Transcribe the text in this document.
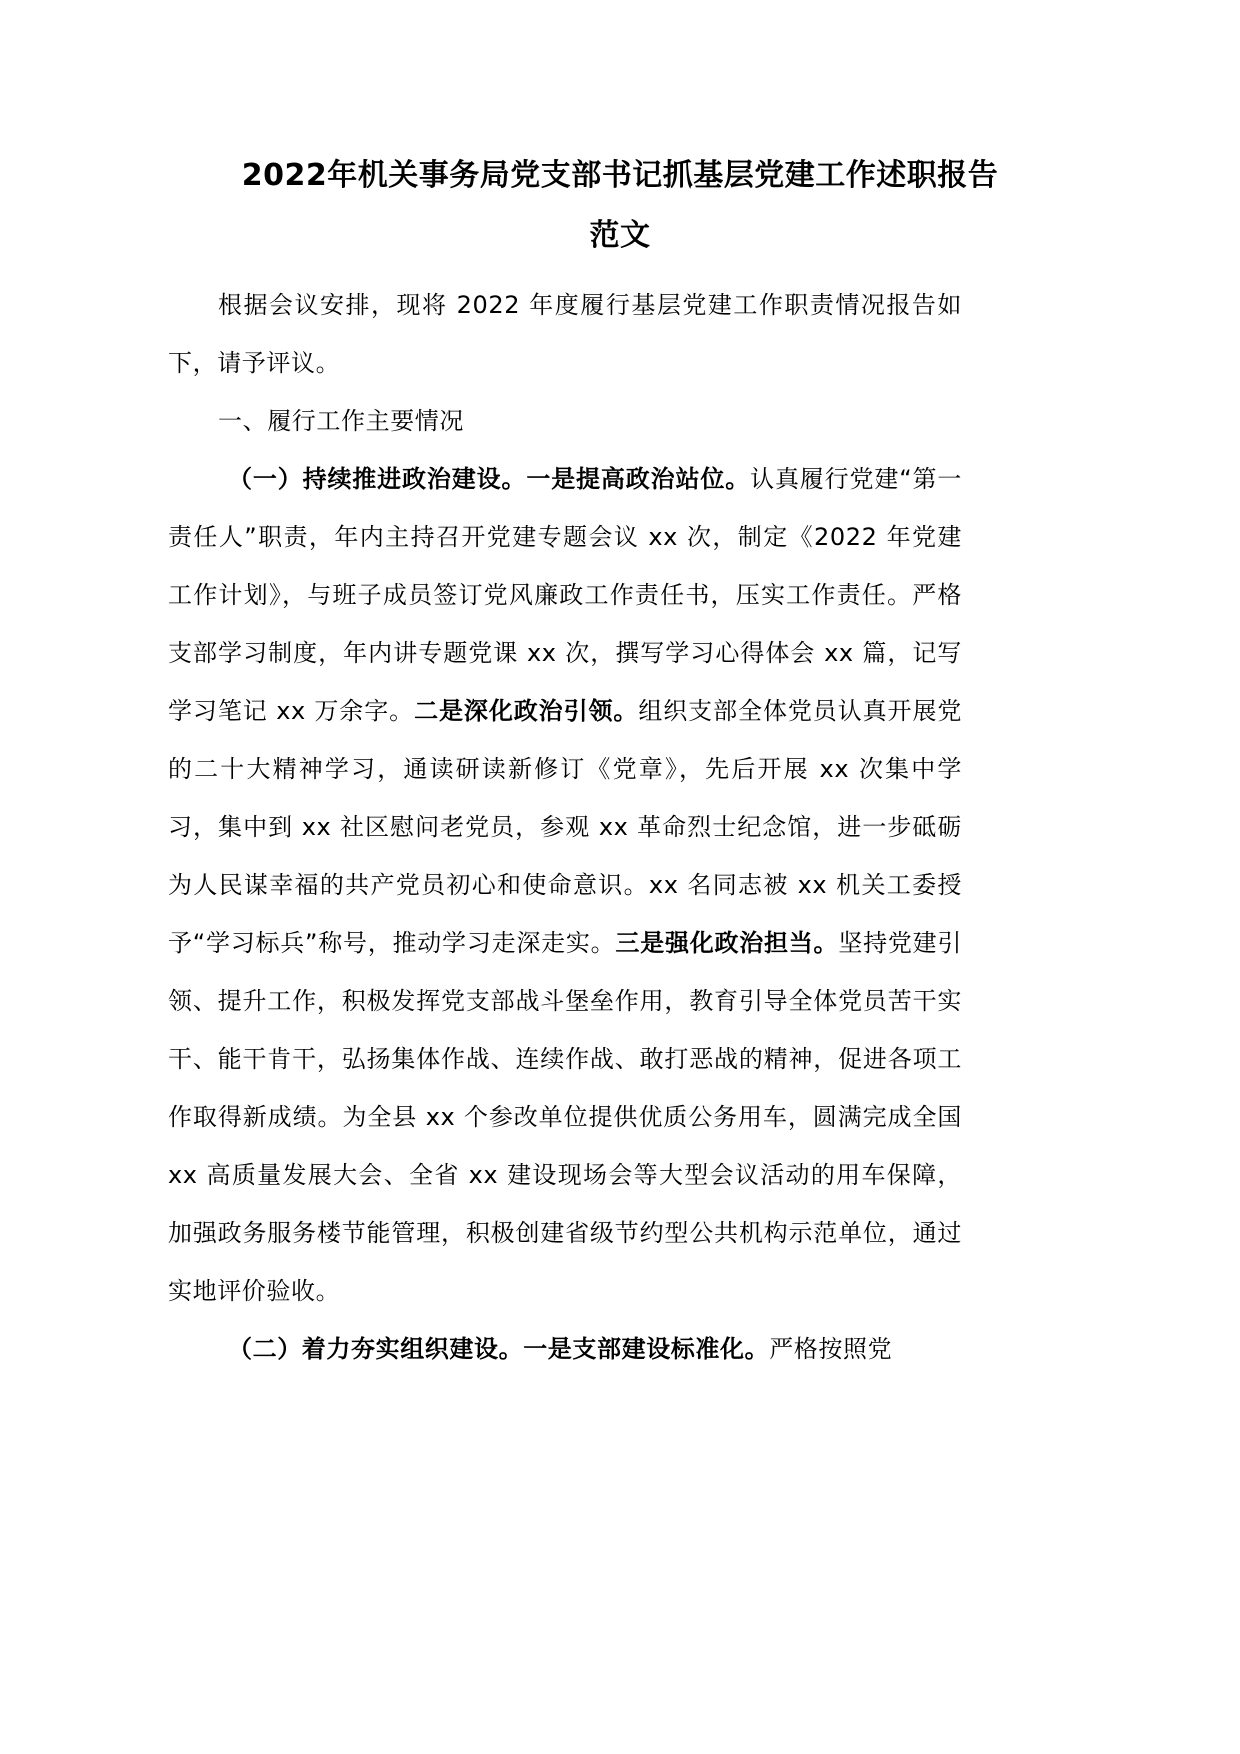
2022年机关事务局党支部书记抓基层党建工作述职报告
范文

根据会议安排，现将 2022 年度履行基层党建工作职责情况报告如下，请予评议。

一、履行工作主要情况

（一）持续推进政治建设。一是提高政治站位。认真履行党建“第一责任人”职责，年内主持召开党建专题会议 xx 次，制定《2022 年党建工作计划》，与班子成员签订党风廉政工作责任书，压实工作责任。严格支部学习制度，年内讲专题党课 xx 次，撰写学习心得体会 xx 篇，记写学习笔记 xx 万余字。二是深化政治引领。组织支部全体党员认真开展党的二十大精神学习，通读研读新修订《党章》，先后开展 xx 次集中学习，集中到 xx 社区慰问老党员，参观 xx 革命烈士纪念馆，进一步砥砺为人民谋幸福的共产党员初心和使命意识。xx 名同志被 xx 机关工委授予“学习标兵”称号，推动学习走深走实。三是强化政治担当。坚持党建引领、提升工作，积极发挥党支部战斗堡垒作用，教育引导全体党员苦干实干、能干肯干，弘扬集体作战、连续作战、敢打恶战的精神，促进各项工作取得新成绩。为全县 xx 个参改单位提供优质公务用车，圆满完成全国 xx 高质量发展大会、全省 xx 建设现场会等大型会议活动的用车保障，加强政务服务楼节能管理，积极创建省级节约型公共机构示范单位，通过实地评价验收。

（二）着力夯实组织建设。一是支部建设标准化。严格按照党
